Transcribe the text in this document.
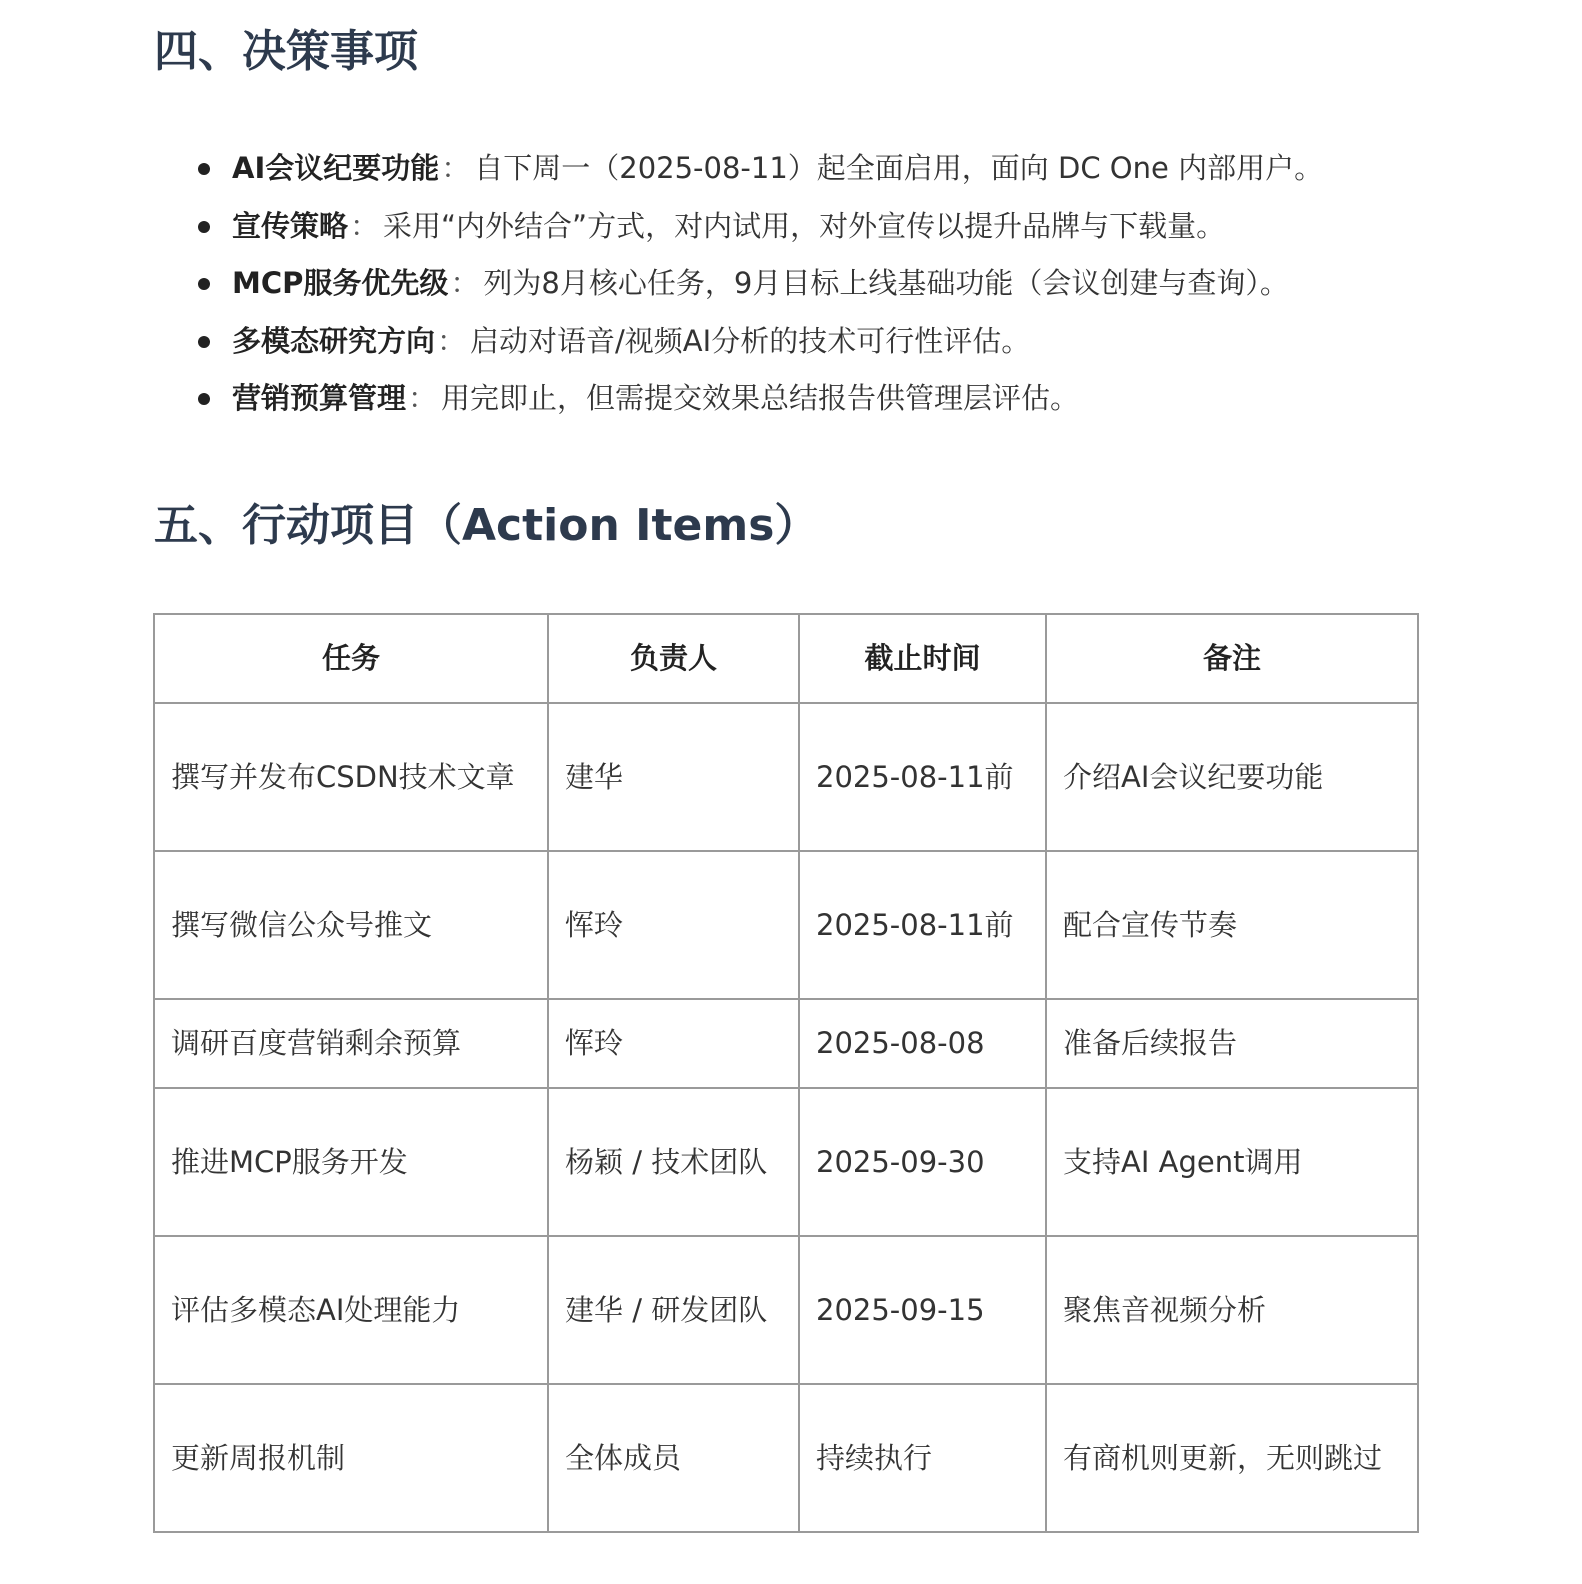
四、决策事项
AI会议纪要功能： 自下周一（2025-08-11）起全面启用，面向 DC One 内部用户。
宣传策略： 采用“内外结合”方式，对内试用，对外宣传以提升品牌与下载量。
MCP服务优先级： 列为8月核心任务，9月目标上线基础功能（会议创建与查询）。
多模态研究方向： 启动对语音/视频AI分析的技术可行性评估。
营销预算管理： 用完即止，但需提交效果总结报告供管理层评估。
五、行动项目（Action Items）
任务	负责人	截止时间	备注
撰写并发布CSDN技术文章	建华	2025-08-11前	介绍AI会议纪要功能
撰写微信公众号推文	恽玲	2025-08-11前	配合宣传节奏
调研百度营销剩余预算	恽玲	2025-08-08	准备后续报告
推进MCP服务开发	杨颖 / 技术团队	2025-09-30	支持AI Agent调用
评估多模态AI处理能力	建华 / 研发团队	2025-09-15	聚焦音视频分析
更新周报机制	全体成员	持续执行	有商机则更新，无则跳过
